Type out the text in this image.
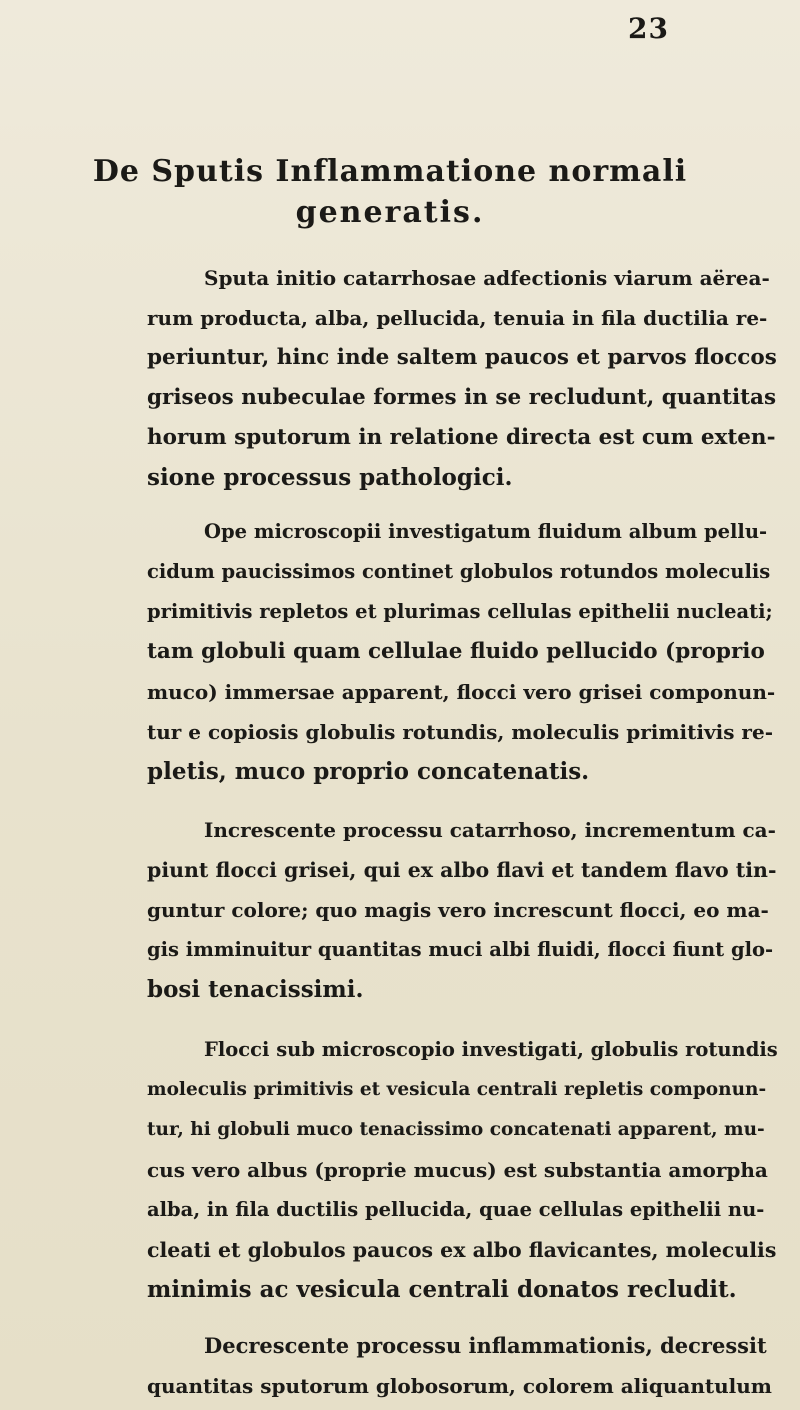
23
De Sputis Inflammatione normali
generatis.
Sputa initio catarrhosae adfectionis viarum aërea-
rum producta, alba, pellucida, tenuia in fila ductilia re-
periuntur, hinc inde saltem paucos et parvos floccos
griseos nubeculae formes in se recludunt, quantitas
horum sputorum in relatione directa est cum exten-
sione processus pathologici.
Ope microscopii investigatum fluidum album pellu-
cidum paucissimos continet globulos rotundos moleculis
primitivis repletos et plurimas cellulas epithelii nucleati;
tam globuli quam cellulae fluido pellucido (proprio
muco) immersae apparent, flocci vero grisei componun-
tur e copiosis globulis rotundis, moleculis primitivis re-
pletis, muco proprio concatenatis.
Increscente processu catarrhoso, incrementum ca-
piunt flocci grisei, qui ex albo flavi et tandem flavo tin-
guntur colore; quo magis vero increscunt flocci, eo ma-
gis imminuitur quantitas muci albi fluidi, flocci fiunt glo-
bosi tenacissimi.
Flocci sub microscopio investigati, globulis rotundis
moleculis primitivis et vesicula centrali repletis componun-
tur, hi globuli muco tenacissimo concatenati apparent, mu-
cus vero albus (proprie mucus) est substantia amorpha
alba, in fila ductilis pellucida, quae cellulas epithelii nu-
cleati et globulos paucos ex albo flavicantes, moleculis
minimis ac vesicula centrali donatos recludit.
Decrescente processu inflammationis, decressit
quantitas sputorum globosorum, colorem aliquantulum
